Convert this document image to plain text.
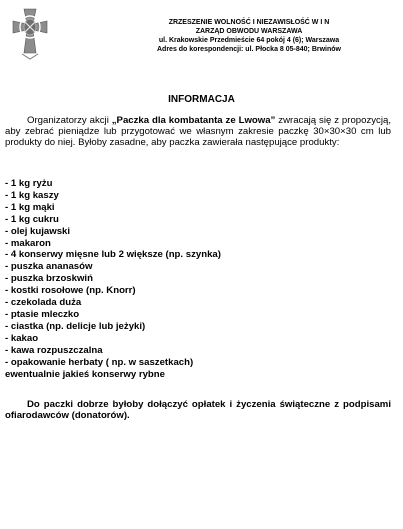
ZRZESZENIE WOLNOŚĆ I NIEZAWISŁOŚĆ W I N
ZARZĄD OBWODU WARSZAWA
ul. Krakowskie Przedmieście 64 pokój 4 (6); Warszawa
Adres do korespondencji: ul. Płocka 8 05-840; Brwinów
INFORMACJA

Organizatorzy akcji „Paczka dla kombatanta ze Lwowa” zwracają się z propozycją, aby zebrać pieniądze lub przygotować we własnym zakresie paczkę 30×30×30 cm lub produkty do niej. Byłoby zasadne, aby paczka zawierała następujące produkty:

- 1 kg ryżu
- 1 kg kaszy
- 1 kg mąki
- 1 kg cukru
- olej kujawski
- makaron
- 4 konserwy mięsne lub 2 większe (np. szynka)
- puszka ananasów
- puszka brzoskwiń
- kostki rosołowe (np. Knorr)
- czekolada duża
- ptasie mleczko
- ciastka (np. delicje lub jeżyki)
- kakao
- kawa rozpuszczalna
- opakowanie herbaty ( np. w saszetkach)
ewentualnie jakieś konserwy rybne

Do paczki dobrze byłoby dołączyć opłatek i życzenia świąteczne z podpisami ofiarodawców (donatorów).
